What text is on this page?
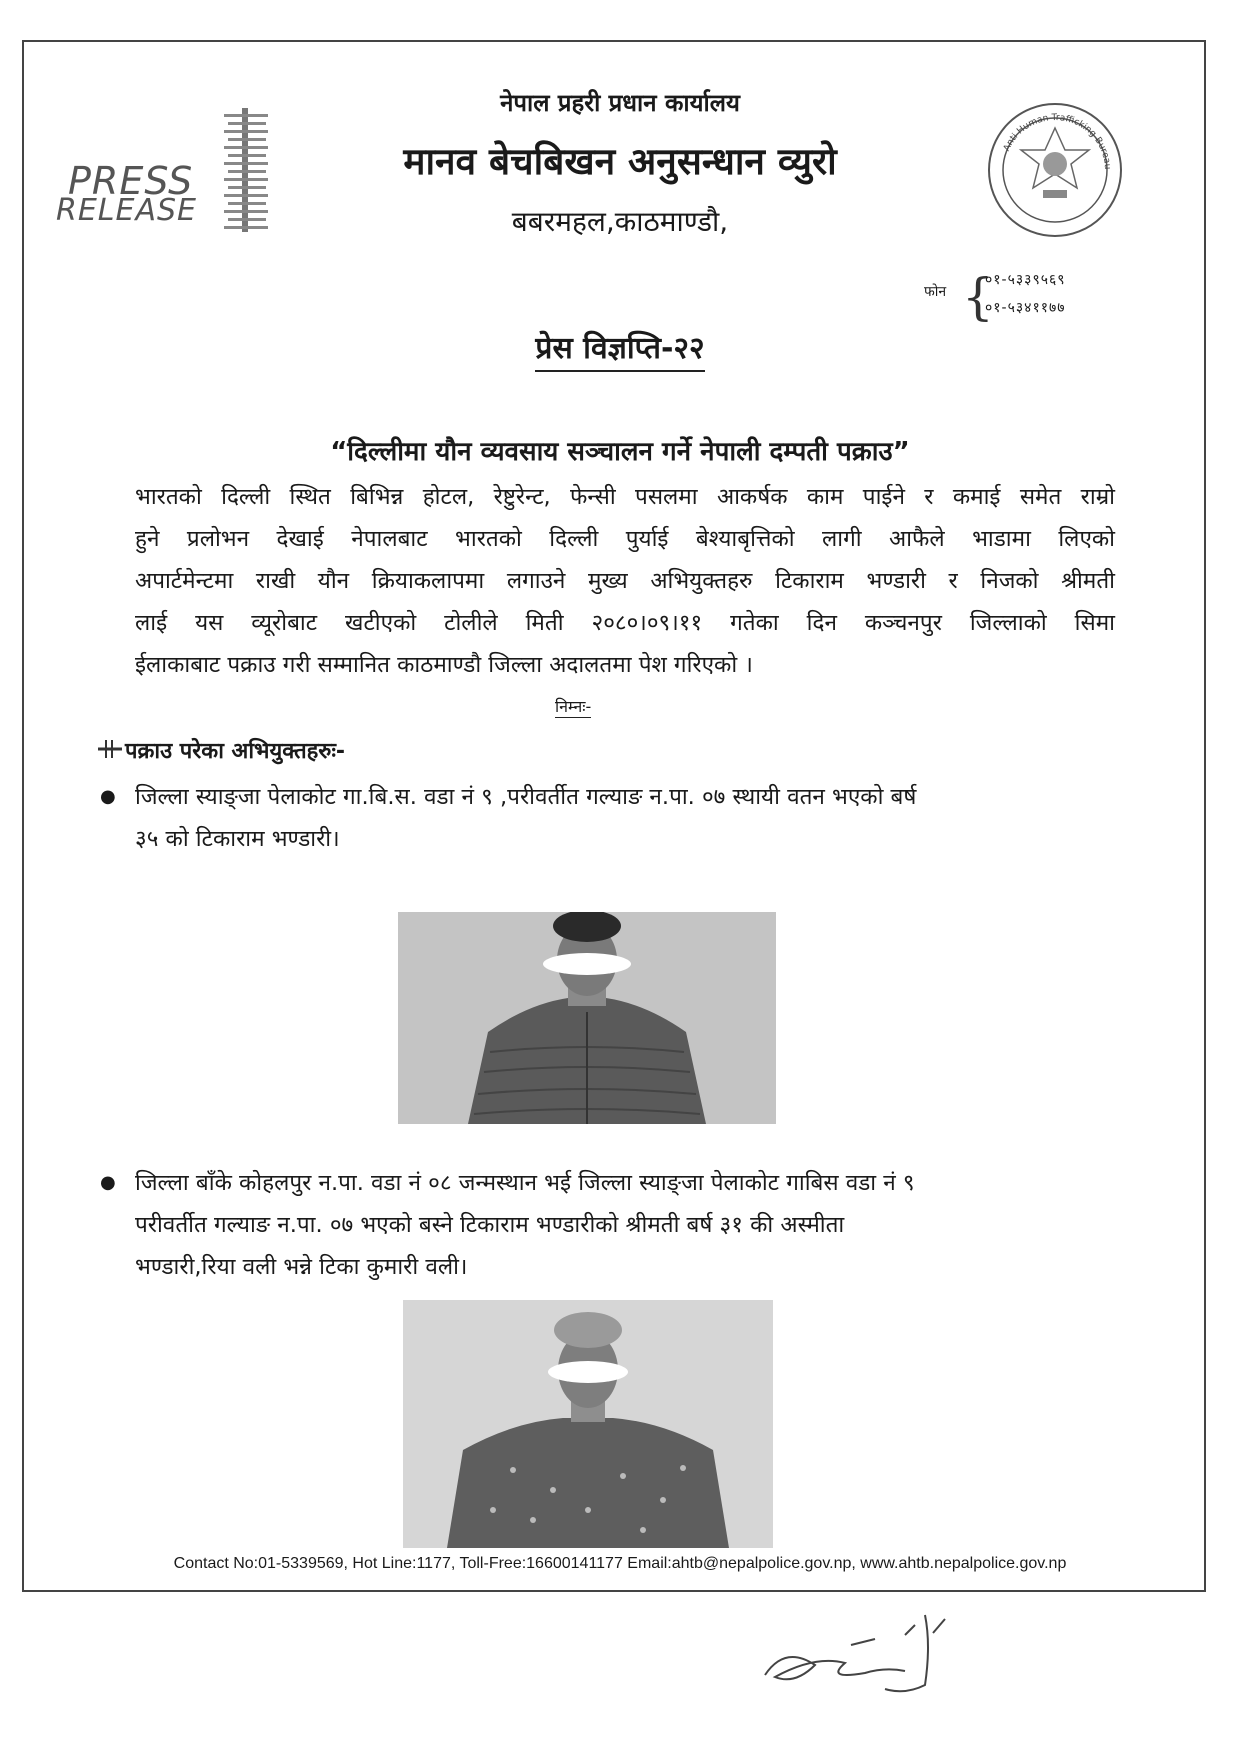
PRESS
RELEASE
नेपाल प्रहरी प्रधान कार्यालय
मानव बेचबिखन अनुसन्धान व्युरो
बबरमहल,काठमाण्डौ,
Anti Human Trafficking Bureau
फोन {
०१-५३३९५६९
०१-५३४११७७
प्रेस विज्ञप्ति-२२
“दिल्लीमा यौन व्यवसाय सञ्चालन गर्ने नेपाली दम्पती पक्राउ”
भारतको दिल्ली स्थित बिभिन्न होटल, रेष्टुरेन्ट, फेन्सी पसलमा आकर्षक काम पाईने र कमाई समेत राम्रो
हुने प्रलोभन देखाई नेपालबाट भारतको दिल्ली पुर्याई बेश्याबृत्तिको लागी आफैले भाडामा लिएको
अपार्टमेन्टमा राखी यौन क्रियाकलापमा लगाउने मुख्य अभियुक्तहरु टिकाराम भण्डारी र निजको श्रीमती
लाई यस व्यूरोबाट खटीएको टोलीले मिती २०८०।०९।११ गतेका दिन कञ्चनपुर जिल्लाको सिमा
ईलाकाबाट पक्राउ गरी सम्मानित काठमाण्डौ जिल्ला अदालतमा पेश गरिएको ।
निम्नः-
पक्राउ परेका अभियुक्तहरुः-
● जिल्ला स्याङ्जा पेलाकोट गा.बि.स. वडा नं ९ ,परीवर्तीत गल्याङ न.पा. ०७ स्थायी वतन भएको बर्ष
३५ को टिकाराम भण्डारी।
● जिल्ला बाँके कोहलपुर न.पा. वडा नं ०८ जन्मस्थान भई जिल्ला स्याङ्जा पेलाकोट गाबिस वडा नं ९
परीवर्तीत गल्याङ न.पा. ०७ भएको बस्ने टिकाराम भण्डारीको श्रीमती बर्ष ३१ की अस्मीता
भण्डारी,रिया वली भन्ने टिका कुमारी वली।
Contact No:01-5339569, Hot Line:1177, Toll-Free:16600141177 Email:ahtb@nepalpolice.gov.np, www.ahtb.nepalpolice.gov.np
